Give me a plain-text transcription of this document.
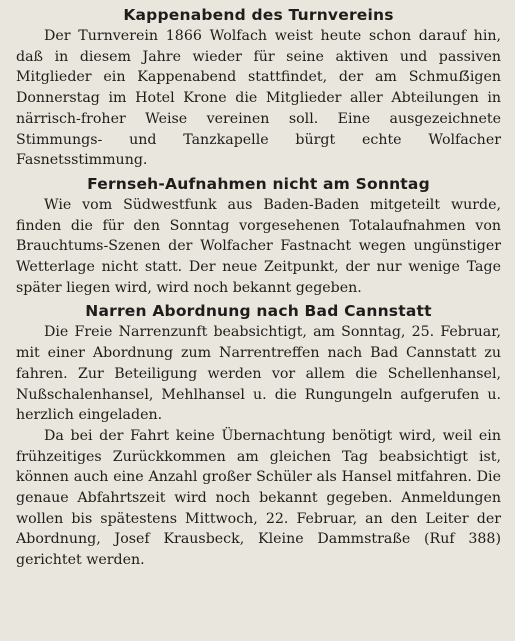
Kappenabend des Turnvereins

Der Turnverein 1866 Wolfach weist heute schon darauf hin, daß in diesem Jahre wieder für seine aktiven und passiven Mitglieder ein Kappenabend stattfindet, der am Schmuẞigen Donnerstag im Hotel Krone die Mitglieder aller Abteilungen in närrisch-froher Weise vereinen soll. Eine ausgezeichnete Stimmungs- und Tanzkapelle bürgt echte Wolfacher Fasnetsstimmung.

Fernseh-Aufnahmen nicht am Sonntag

Wie vom Südwestfunk aus Baden-Baden mitgeteilt wurde, finden die für den Sonntag vorgesehenen Totalaufnahmen von Brauchtums-Szenen der Wolfacher Fastnacht wegen ungünstiger Wetterlage nicht statt. Der neue Zeitpunkt, der nur wenige Tage später liegen wird, wird noch bekannt gegeben.

Narren Abordnung nach Bad Cannstatt

Die Freie Narrenzunft beabsichtigt, am Sonntag, 25. Februar, mit einer Abordnung zum Narrentreffen nach Bad Cannstatt zu fahren. Zur Beteiligung werden vor allem die Schellenhansel, Nußschalenhansel, Mehlhansel u. die Rungungeln aufgerufen u. herzlich eingeladen.

Da bei der Fahrt keine Übernachtung benötigt wird, weil ein frühzeitiges Zurückkommen am gleichen Tag beabsichtigt ist, können auch eine Anzahl großer Schüler als Hansel mitfahren. Die genaue Abfahrtszeit wird noch bekannt gegeben. Anmeldungen wollen bis spätestens Mittwoch, 22. Februar, an den Leiter der Abordnung, Josef Krausbeck, Kleine Dammstraße (Ruf 388) gerichtet werden.
